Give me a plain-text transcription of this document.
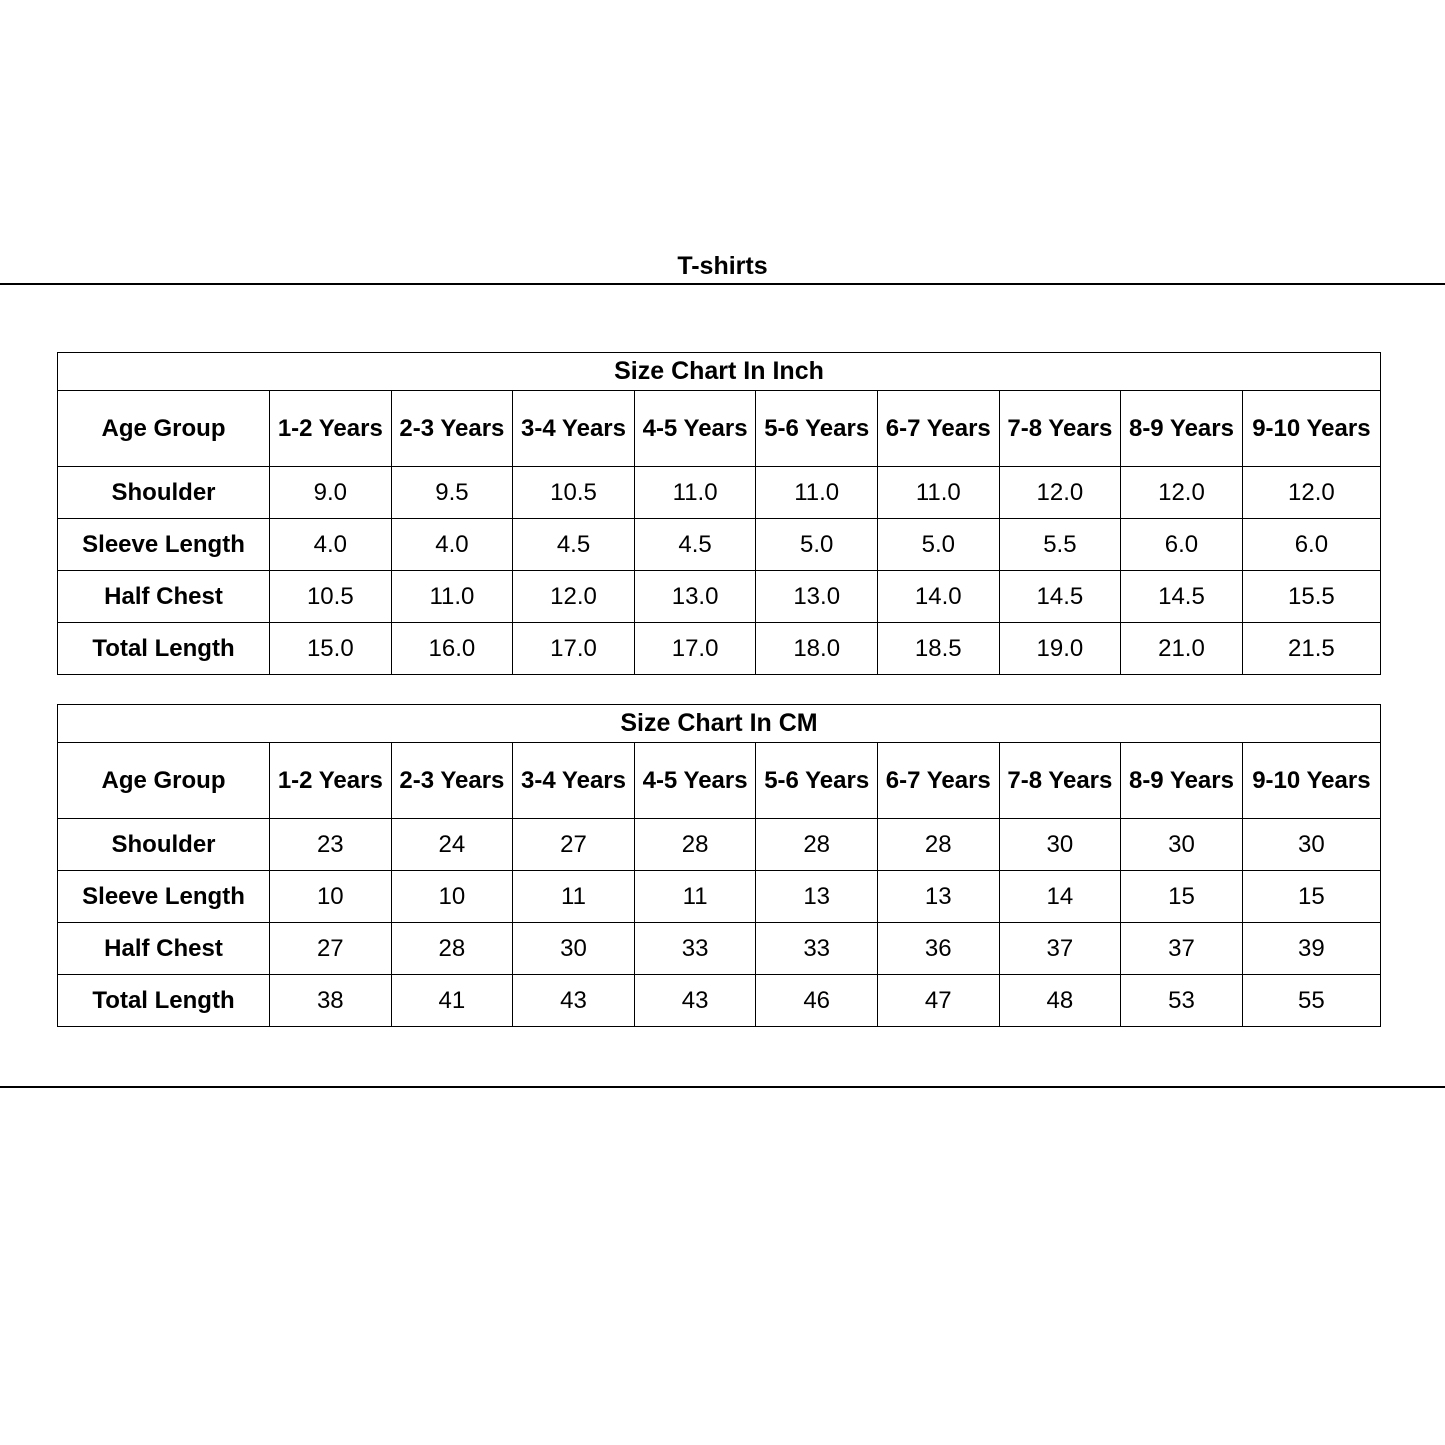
T-shirts
Size Chart In Inch									
Age Group	1-2 Years	2-3 Years	3-4 Years	4-5 Years	5-6 Years	6-7 Years	7-8 Years	8-9 Years	9-10 Years
Shoulder	9.0	9.5	10.5	11.0	11.0	11.0	12.0	12.0	12.0
Sleeve Length	4.0	4.0	4.5	4.5	5.0	5.0	5.5	6.0	6.0
Half Chest	10.5	11.0	12.0	13.0	13.0	14.0	14.5	14.5	15.5
Total Length	15.0	16.0	17.0	17.0	18.0	18.5	19.0	21.0	21.5
Size Chart In CM									
Age Group	1-2 Years	2-3 Years	3-4 Years	4-5 Years	5-6 Years	6-7 Years	7-8 Years	8-9 Years	9-10 Years
Shoulder	23	24	27	28	28	28	30	30	30
Sleeve Length	10	10	11	11	13	13	14	15	15
Half Chest	27	28	30	33	33	36	37	37	39
Total Length	38	41	43	43	46	47	48	53	55
